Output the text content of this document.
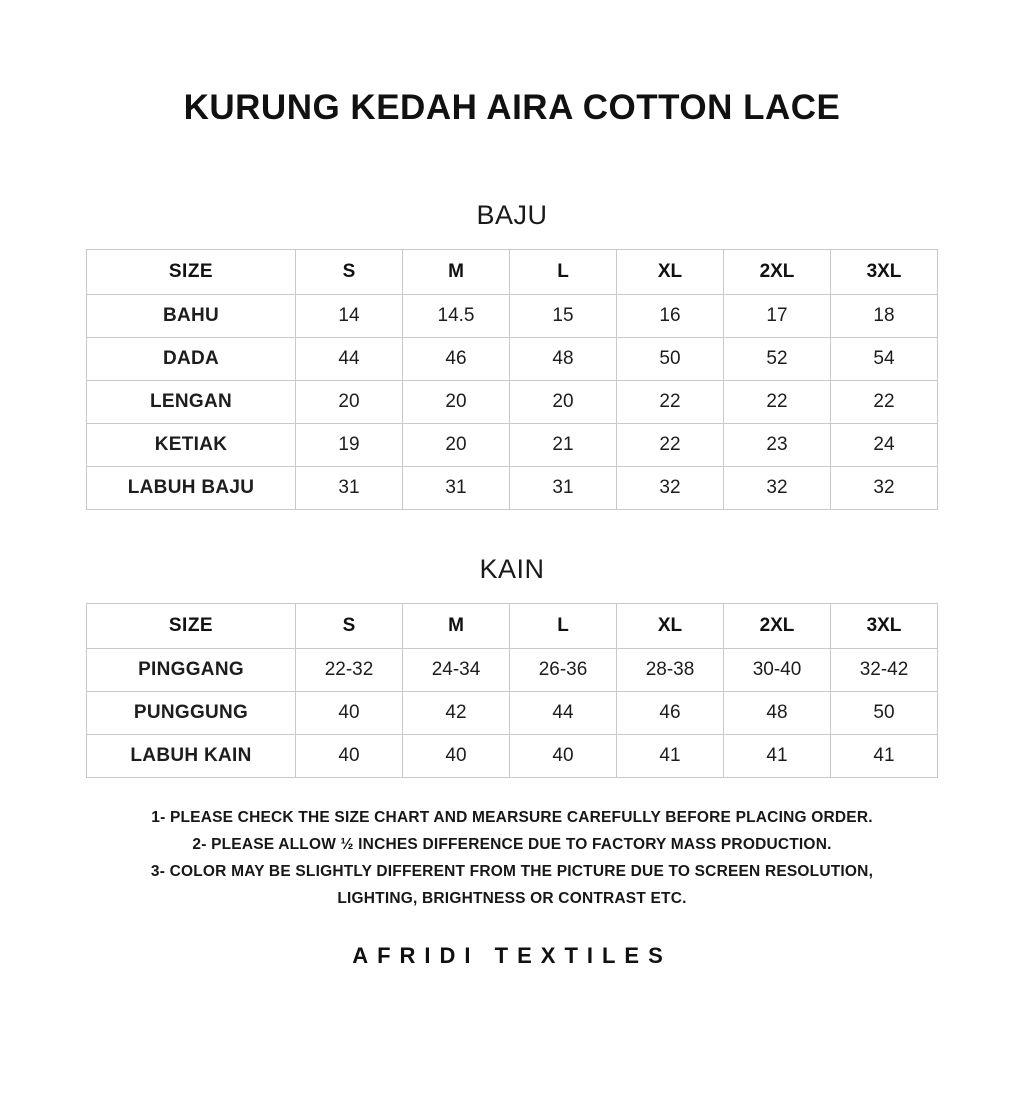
KURUNG KEDAH AIRA COTTON LACE
BAJU
SIZE	S	M	L	XL	2XL	3XL
BAHU	14	14.5	15	16	17	18
DADA	44	46	48	50	52	54
LENGAN	20	20	20	22	22	22
KETIAK	19	20	21	22	23	24
LABUH BAJU	31	31	31	32	32	32
KAIN
SIZE	S	M	L	XL	2XL	3XL
PINGGANG	22-32	24-34	26-36	28-38	30-40	32-42
PUNGGUNG	40	42	44	46	48	50
LABUH KAIN	40	40	40	41	41	41
1- PLEASE CHECK THE SIZE CHART AND MEARSURE CAREFULLY BEFORE PLACING ORDER.
2- PLEASE ALLOW ½ INCHES DIFFERENCE DUE TO FACTORY MASS PRODUCTION.
3- COLOR MAY BE SLIGHTLY DIFFERENT FROM THE PICTURE DUE TO SCREEN RESOLUTION,
LIGHTING, BRIGHTNESS OR CONTRAST ETC.
AFRIDI TEXTILES
